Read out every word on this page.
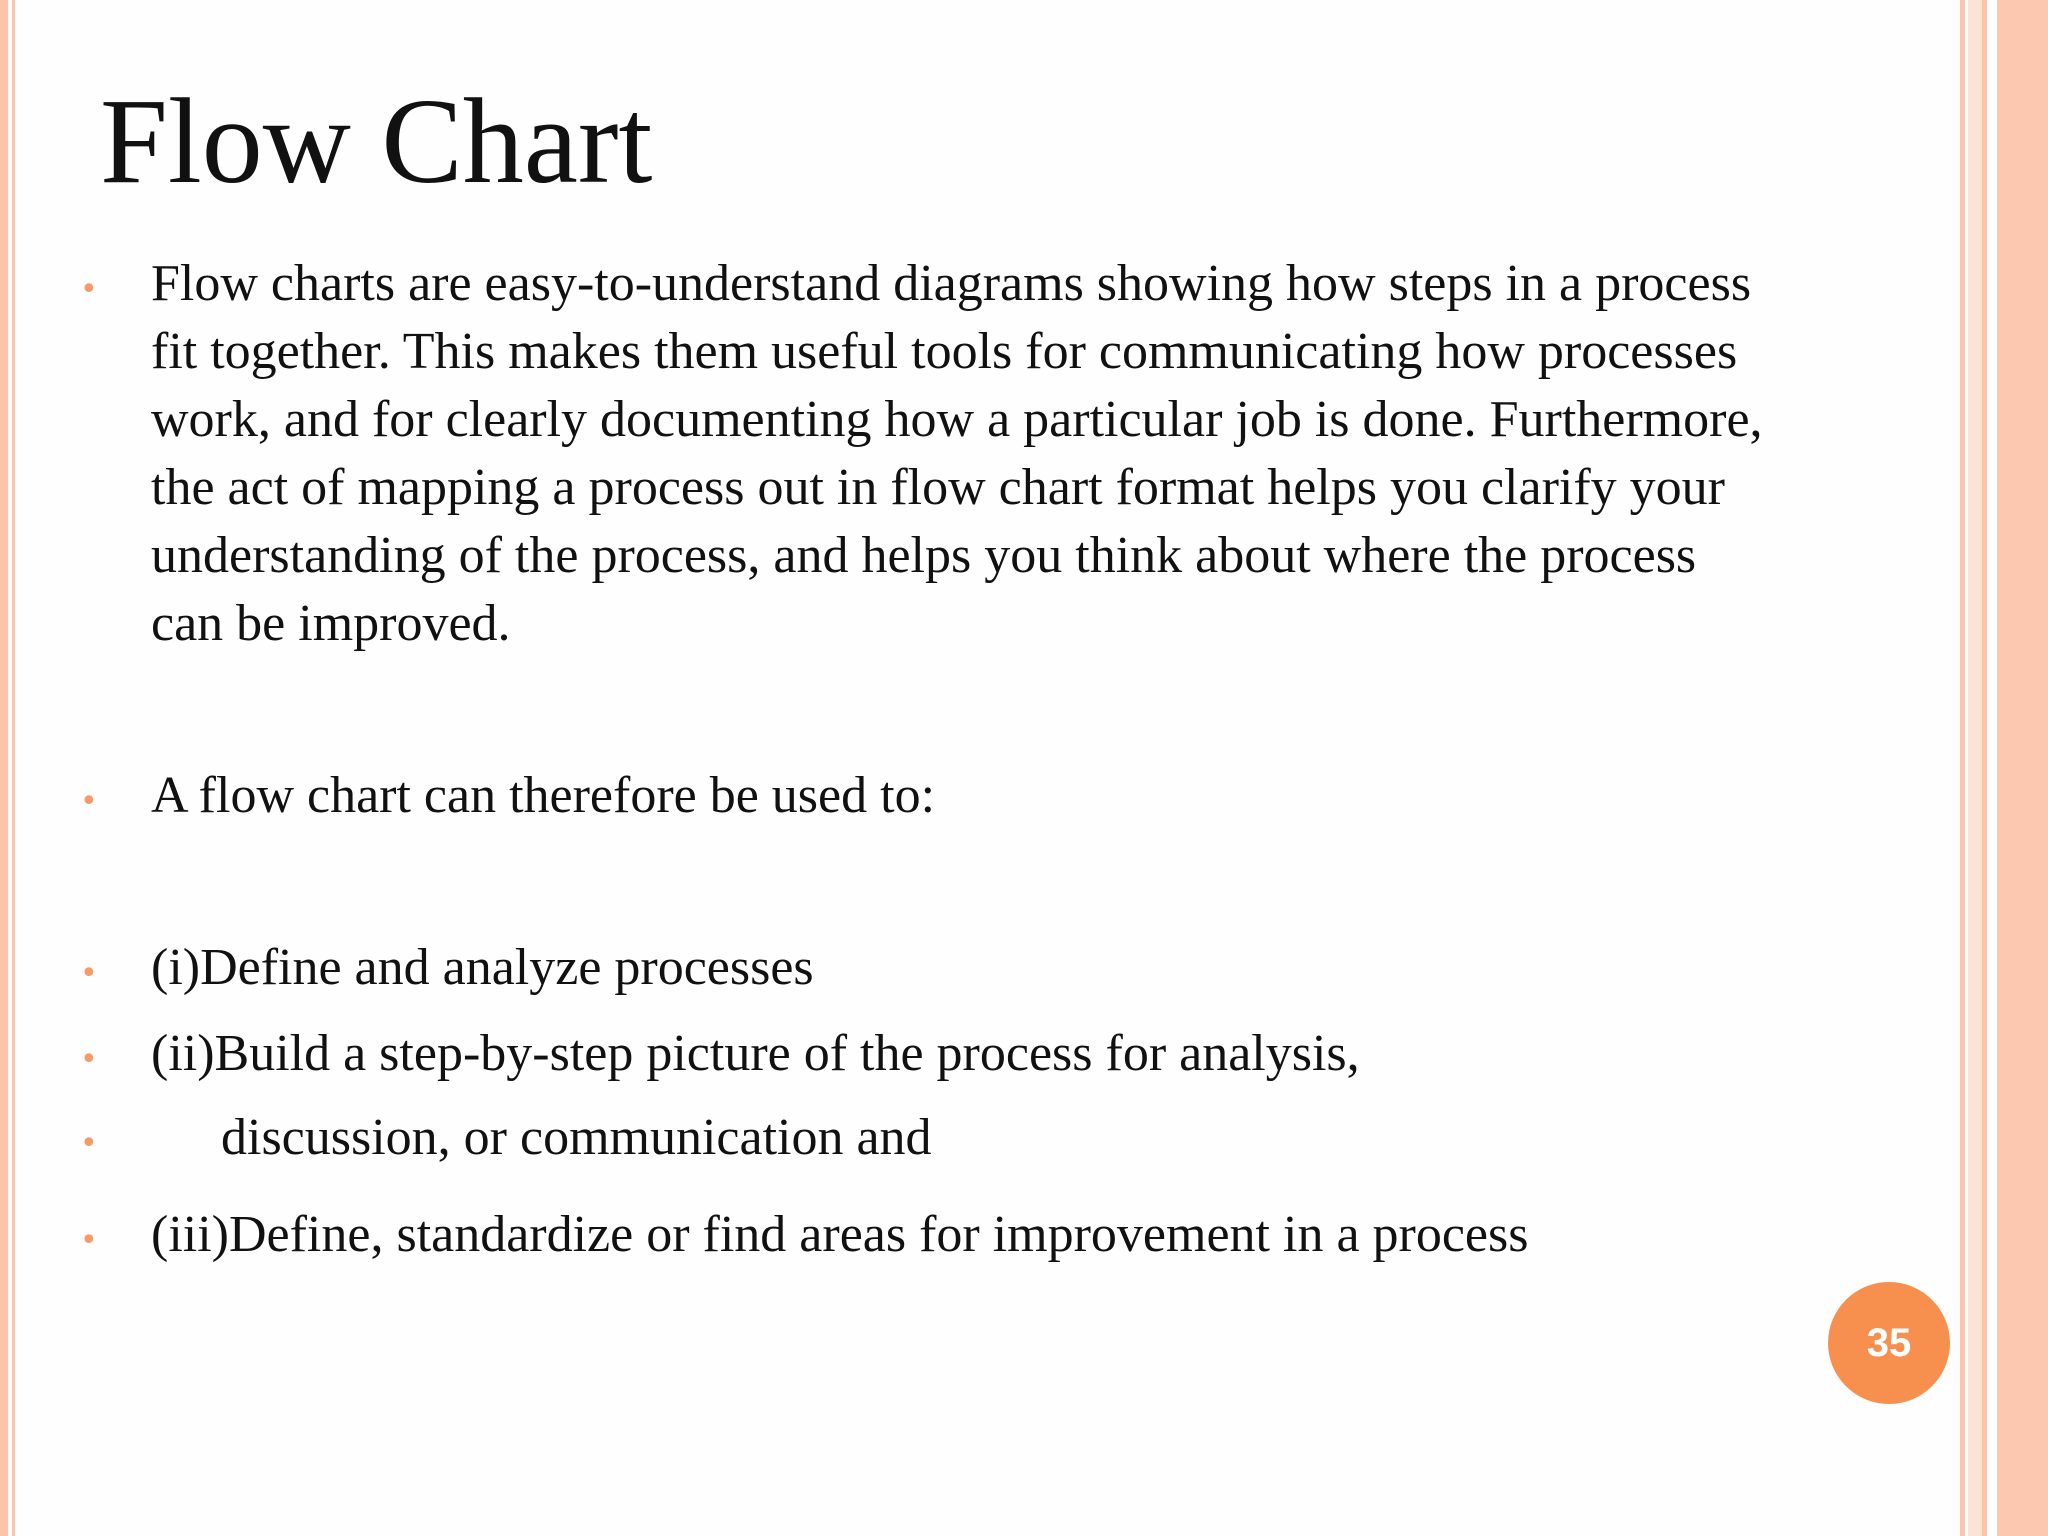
Flow Chart
• Flow charts are easy-to-understand diagrams showing how steps in a process
fit together. This makes them useful tools for communicating how processes
work, and for clearly documenting how a particular job is done. Furthermore,
the act of mapping a process out in flow chart format helps you clarify your
understanding of the process, and helps you think about where the process
can be improved.
• A flow chart can therefore be used to:
• (i)Define and analyze processes
• (ii)Build a step-by-step picture of the process for analysis,
• discussion, or communication and
• (iii)Define, standardize or find areas for improvement in a process
35
